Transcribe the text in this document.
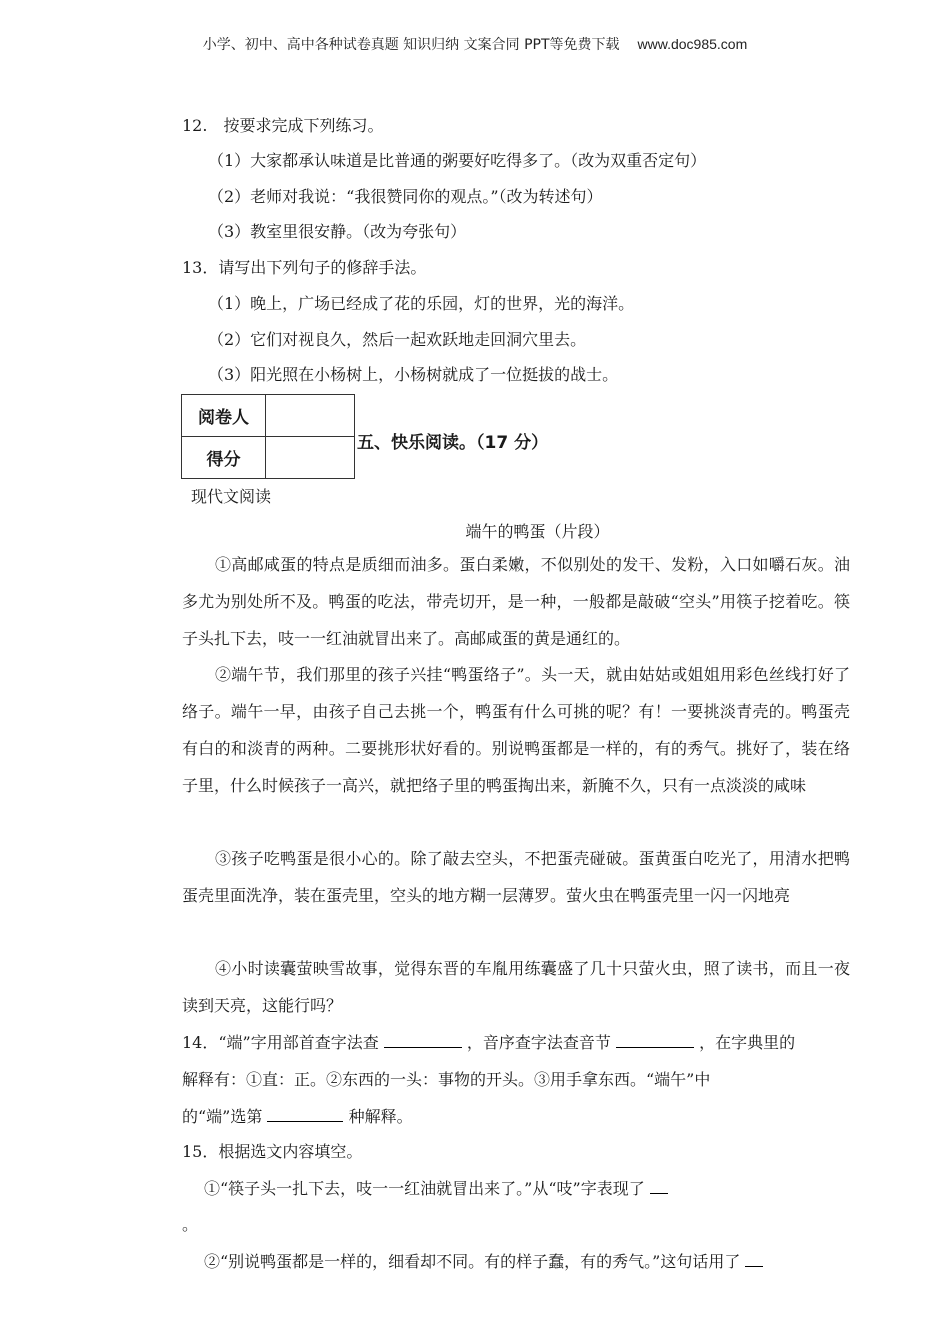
小学、初中、高中各种试卷真题 知识归纳 文案合同 PPT等免费下载 www.doc985.com
12.　按要求完成下列练习。
（1）大家都承认味道是比普通的粥要好吃得多了。（改为双重否定句）
（2）老师对我说：“我很赞同你的观点。”（改为转述句）
（3）教室里很安静。（改为夸张句）
13．请写出下列句子的修辞手法。
（1）晚上，广场已经成了花的乐园，灯的世界，光的海洋。
（2）它们对视良久，然后一起欢跃地走回洞穴里去。
（3）阳光照在小杨树上，小杨树就成了一位挺拔的战士。
阅卷人	
得分	
五、快乐阅读。（17 分）
现代文阅读
端午的鸭蛋（片段）
①高邮咸蛋的特点是质细而油多。蛋白柔嫩，不似别处的发干、发粉，入口如嚼石灰。油多尤为别处所不及。鸭蛋的吃法，带壳切开，是一种，一般都是敲破“空头”用筷子挖着吃。筷子头扎下去，吱一一红油就冒出来了。高邮咸蛋的黄是通红的。
②端午节，我们那里的孩子兴挂“鸭蛋络子”。头一天，就由姑姑或姐姐用彩色丝线打好了络子。端午一早，由孩子自己去挑一个，鸭蛋有什么可挑的呢？有！一要挑淡青壳的。鸭蛋壳有白的和淡青的两种。二要挑形状好看的。别说鸭蛋都是一样的，有的秀气。挑好了，装在络子里，什么时候孩子一高兴，就把络子里的鸭蛋掏出来，新腌不久，只有一点淡淡的咸味
③孩子吃鸭蛋是很小心的。除了敲去空头，不把蛋壳碰破。蛋黄蛋白吃光了，用清水把鸭蛋壳里面洗净，装在蛋壳里，空头的地方糊一层薄罗。萤火虫在鸭蛋壳里一闪一闪地亮
④小时读囊萤映雪故事，觉得东晋的车胤用练囊盛了几十只萤火虫，照了读书，而且一夜读到天亮，这能行吗？
14．“端”字用部首查字法查	，音序查字法查音节	，在字典里的
解释有：①直：正。②东西的一头：事物的开头。③用手拿东西。“端午”中
的“端”选第	种解释。
15．根据选文内容填空。
①“筷子头一扎下去，吱一一红油就冒出来了。”从“吱”字表现了
。
②“别说鸭蛋都是一样的，细看却不同。有的样子蠢，有的秀气。”这句话用了
